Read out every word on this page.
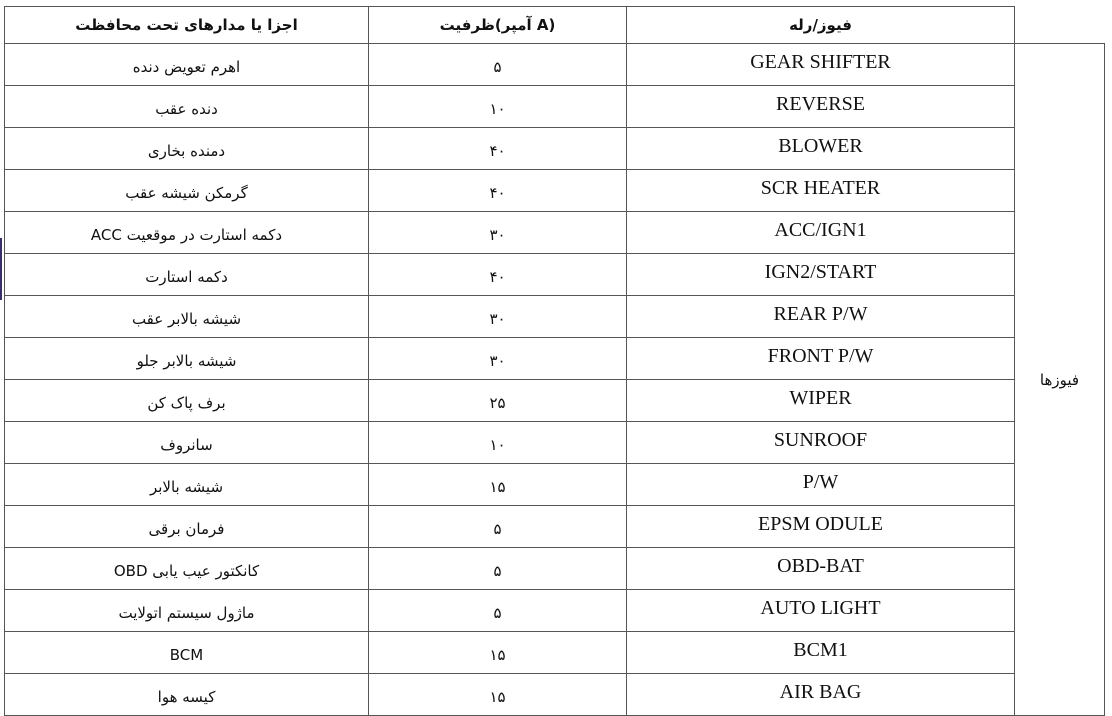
اجزا یا مدارهای تحت محافظت	ظرفیت(آمپر A)	فیوز/رله	
اهرم تعویض دنده	۵	GEAR SHIFTER	فیوزها
دنده عقب	۱۰	REVERSE	
دمنده بخاری	۴۰	BLOWER	
گرمکن شیشه عقب	۴۰	SCR HEATER	
دکمه استارت در موقعیت ACC	۳۰	ACC/IGN1	
دکمه استارت	۴۰	IGN2/START	
شیشه بالابر عقب	۳۰	REAR P/W	
شیشه بالابر جلو	۳۰	FRONT P/W	
برف پاک کن	۲۵	WIPER	
سانروف	۱۰	SUNROOF	
شیشه بالابر	۱۵	P/W	
فرمان برقی	۵	EPSM ODULE	
کانکتور عیب یابی OBD	۵	OBD-BAT	
ماژول سیستم اتولایت	۵	AUTO LIGHT	
BCM	۱۵	BCM1	
کیسه هوا	۱۵	AIR BAG	
